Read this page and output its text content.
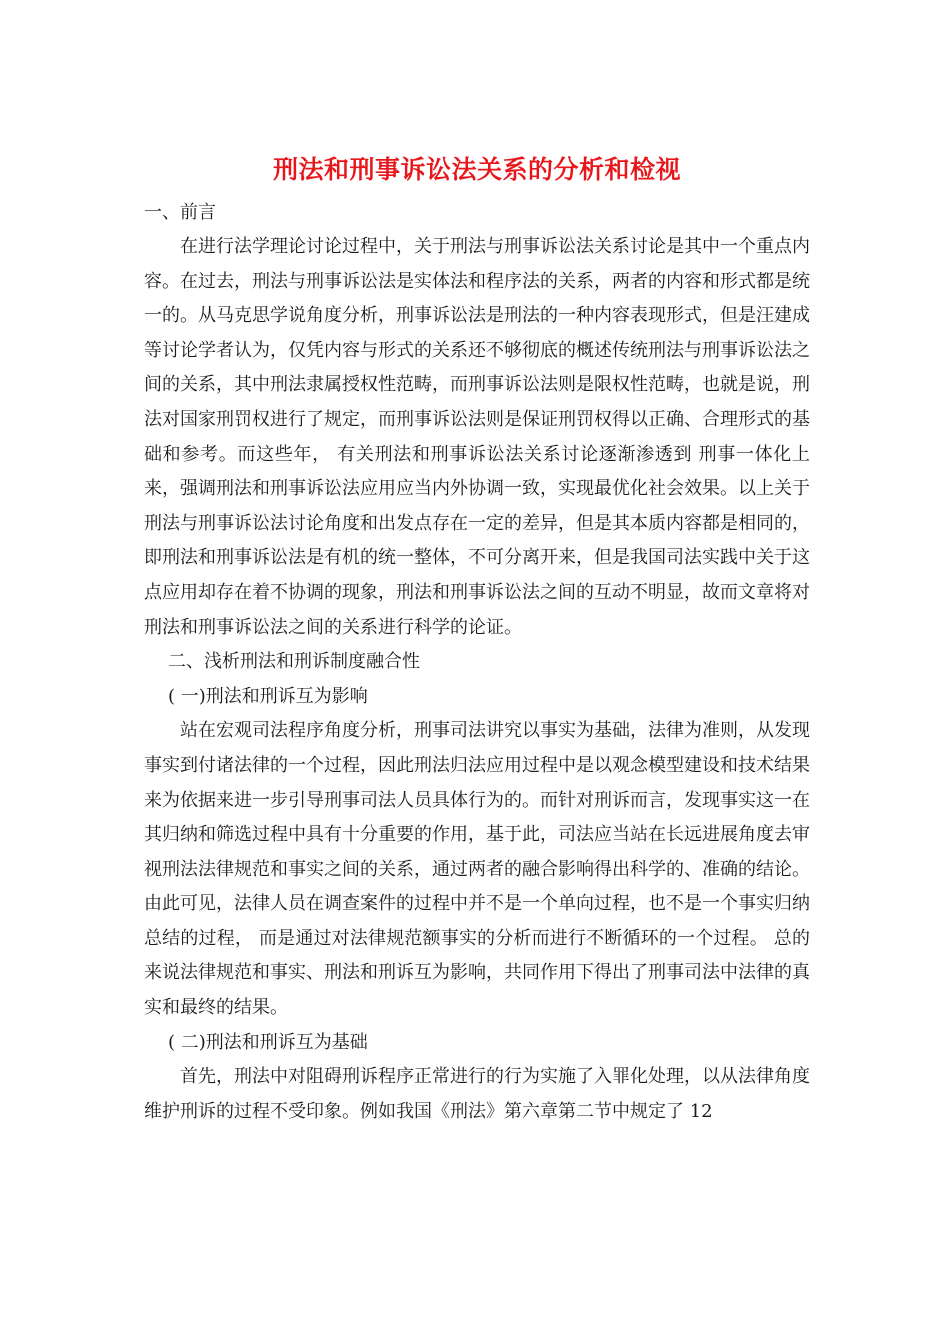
刑法和刑事诉讼法关系的分析和检视

一、前言

在进行法学理论讨论过程中，关于刑法与刑事诉讼法关系讨论是其中一个重点内容。在过去，刑法与刑事诉讼法是实体法和程序法的关系，两者的内容和形式都是统一的。从马克思学说角度分析，刑事诉讼法是刑法的一种内容表现形式，但是汪建成等讨论学者认为，仅凭内容与形式的关系还不够彻底的概述传统刑法与刑事诉讼法之间的关系，其中刑法隶属授权性范畴，而刑事诉讼法则是限权性范畴，也就是说，刑法对国家刑罚权进行了规定，而刑事诉讼法则是保证刑罚权得以正确、合理形式的基础和参考。而这些年， 有关刑法和刑事诉讼法关系讨论逐渐渗透到 刑事一体化上来，强调刑法和刑事诉讼法应用应当内外协调一致，实现最优化社会效果。以上关于刑法与刑事诉讼法讨论角度和出发点存在一定的差异，但是其本质内容都是相同的，即刑法和刑事诉讼法是有机的统一整体，不可分离开来，但是我国司法实践中关于这点应用却存在着不协调的现象，刑法和刑事诉讼法之间的互动不明显，故而文章将对刑法和刑事诉讼法之间的关系进行科学的论证。

二、浅析刑法和刑诉制度融合性

( 一)刑法和刑诉互为影响

站在宏观司法程序角度分析，刑事司法讲究以事实为基础，法律为准则，从发现事实到付诸法律的一个过程，因此刑法归法应用过程中是以观念模型建设和技术结果来为依据来进一步引导刑事司法人员具体行为的。而针对刑诉而言，发现事实这一在其归纳和筛选过程中具有十分重要的作用，基于此，司法应当站在长远进展角度去审视刑法法律规范和事实之间的关系，通过两者的融合影响得出科学的、准确的结论。由此可见，法律人员在调查案件的过程中并不是一个单向过程，也不是一个事实归纳总结的过程， 而是通过对法律规范额事实的分析而进行不断循环的一个过程。 总的来说法律规范和事实、刑法和刑诉互为影响，共同作用下得出了刑事司法中法律的真实和最终的结果。

( 二)刑法和刑诉互为基础

首先，刑法中对阻碍刑诉程序正常进行的行为实施了入罪化处理，以从法律角度维护刑诉的过程不受印象。例如我国《刑法》第六章第二节中规定了 12
